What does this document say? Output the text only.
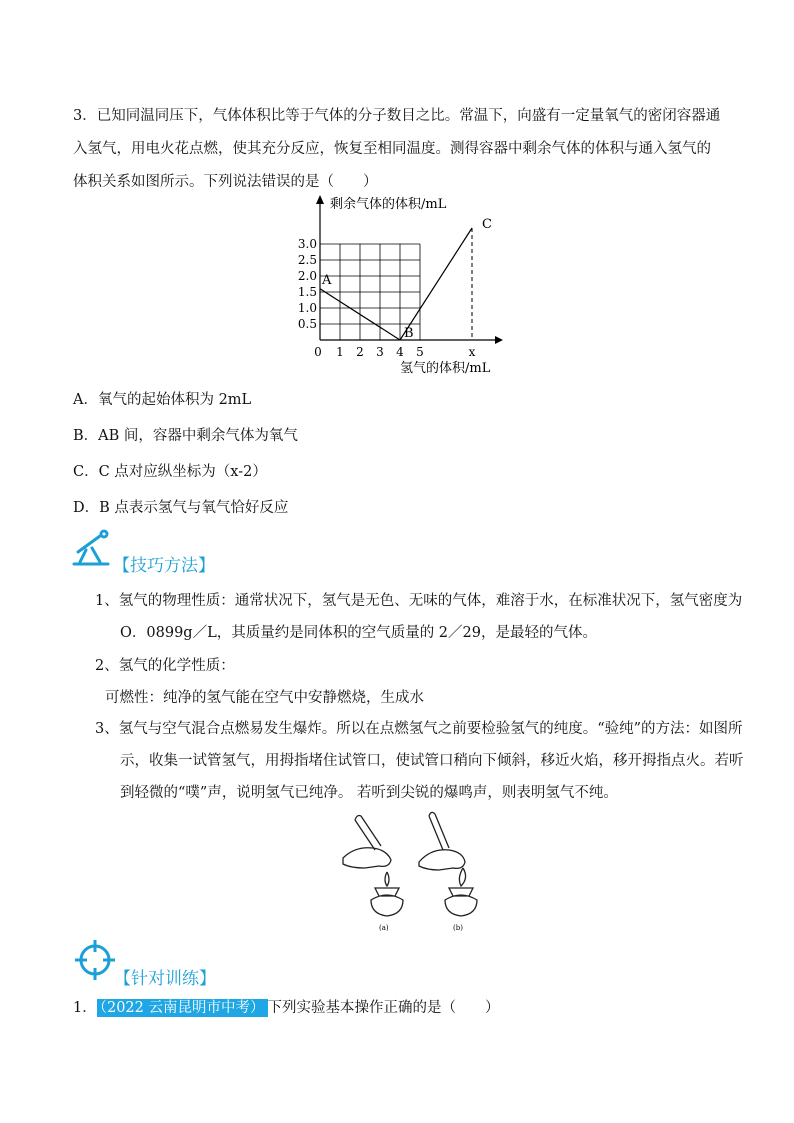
3．已知同温同压下，气体体积比等于气体的分子数目之比。常温下，向盛有一定量氧气的密闭容器通入氢气，用电火花点燃，使其充分反应，恢复至相同温度。测得容器中剩余气体的体积与通入氢气的体积关系如图所示。下列说法错误的是（　　）
剩余气体的体积/mL
氢气的体积/mL
0.5
1.0
1.5
2.0
2.5
3.0
0 1 2 3 4 5	x
A
B
C
A．氧气的起始体积为 2mL
B．AB 间，容器中剩余气体为氧气
C．C 点对应纵坐标为（x-2）
D．B 点表示氢气与氧气恰好反应
【技巧方法】
1、氢气的物理性质：通常状况下，氢气是无色、无味的气体，难溶于水，在标准状况下，氢气密度为
O．0899g／L，其质量约是同体积的空气质量的 2／29，是最轻的气体。
2、氢气的化学性质：
可燃性：纯净的氢气能在空气中安静燃烧，生成水
3、氢气与空气混合点燃易发生爆炸。所以在点燃氢气之前要检验氢气的纯度。“验纯”的方法：如图所
示，收集一试管氢气，用拇指堵住试管口，使试管口稍向下倾斜，移近火焰，移开拇指点火。若听
到轻微的“噗”声，说明氢气已纯净。 若听到尖锐的爆鸣声，则表明氢气不纯。
(a)	(b)
【针对训练】
1． （2022 云南昆明市中考） 下列实验基本操作正确的是（　　）
